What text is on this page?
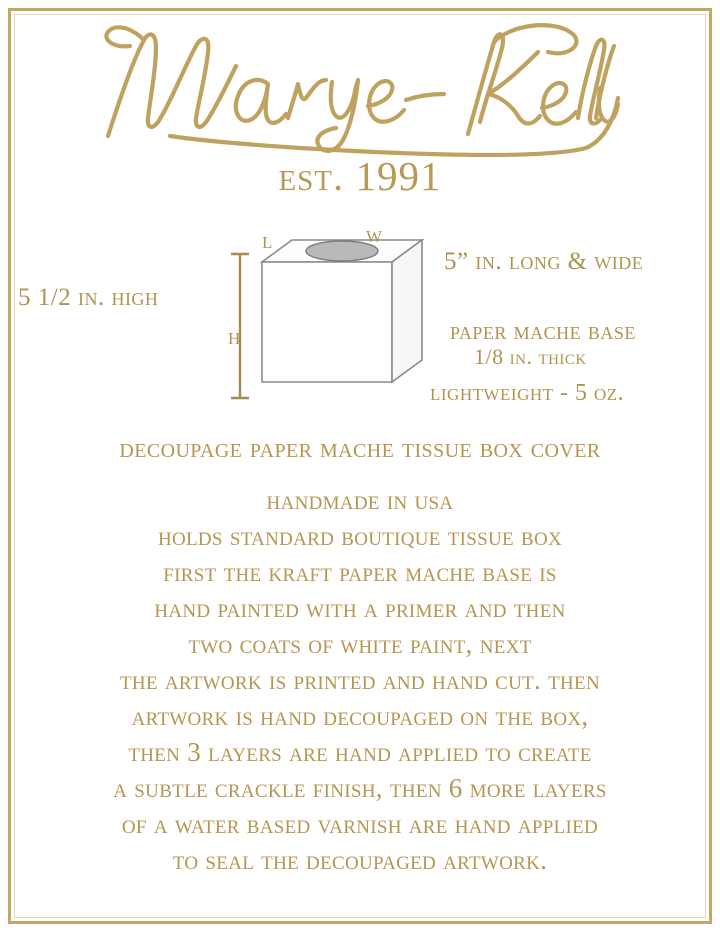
est. 1991
l	w
h
5 1/2 in. high
5” in. long & wide
paper mache base
1/8 in. thick
lightweight - 5 oz.
decoupage paper mache tissue box cover
handmade in usa
holds standard boutique tissue box
first the kraft paper mache base is
hand painted with a primer and then
two coats of white paint, next
the artwork is printed and hand cut. then
artwork is hand decoupaged on the box,
then 3 layers are hand applied to create
a subtle crackle finish, then 6 more layers
of a water based varnish are hand applied
to seal the decoupaged artwork.
